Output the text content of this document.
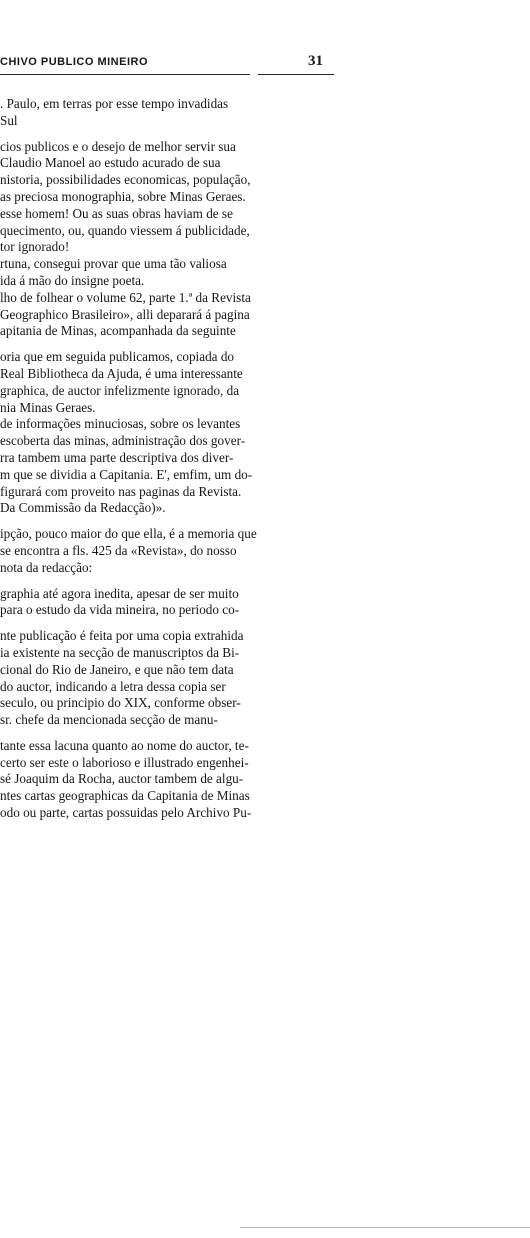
CHIVO PUBLICO MINEIRO	31
. Paulo, em terras por esse tempo invadidas
Sul
cios publicos e o desejo de melhor servir sua
Claudio Manoel ao estudo acurado de sua
nistoria, possibilidades economicas, população,
as preciosa monographia, sobre Minas Geraes.
esse homem! Ou as suas obras haviam de se
quecimento, ou, quando viessem á publicidade,
tor ignorado!
rtuna, consegui provar que uma tão valiosa
ida á mão do insigne poeta.
lho de folhear o volume 62, parte 1.ª da Revista
Geographico Brasileiro», alli deparará á pagina
apitania de Minas, acompanhada da seguinte
oria que em seguida publicamos, copiada do
Real Bibliotheca da Ajuda, é uma interessante
graphica, de auctor infelizmente ignorado, da
nia Minas Geraes.
de informações minuciosas, sobre os levantes
escoberta das minas, administração dos gover-
rra tambem uma parte descriptiva dos diver-
m que se dividia a Capitania. E', emfim, um do-
figurará com proveito nas paginas da Revista.
Da Commissão da Redacção)».
ipção, pouco maior do que ella, é a memoria que
se encontra a fls. 425 da «Revista», do nosso
nota da redacção:
graphia até agora inedita, apesar de ser muito
para o estudo da vida mineira, no periodo co-
nte publicação é feita por uma copia extrahida
ia existente na secção de manuscriptos da Bi-
cional do Rio de Janeiro, e que não tem data
do auctor, indicando a letra dessa copia ser
seculo, ou principio do XIX, conforme obser-
sr. chefe da mencionada secção de manu-
tante essa lacuna quanto ao nome do auctor, te-
certo ser este o laborioso e illustrado engenhei-
sé Joaquim da Rocha, auctor tambem de algu-
ntes cartas geographicas da Capitania de Minas
odo ou parte, cartas possuidas pelo Archivo Pu-
